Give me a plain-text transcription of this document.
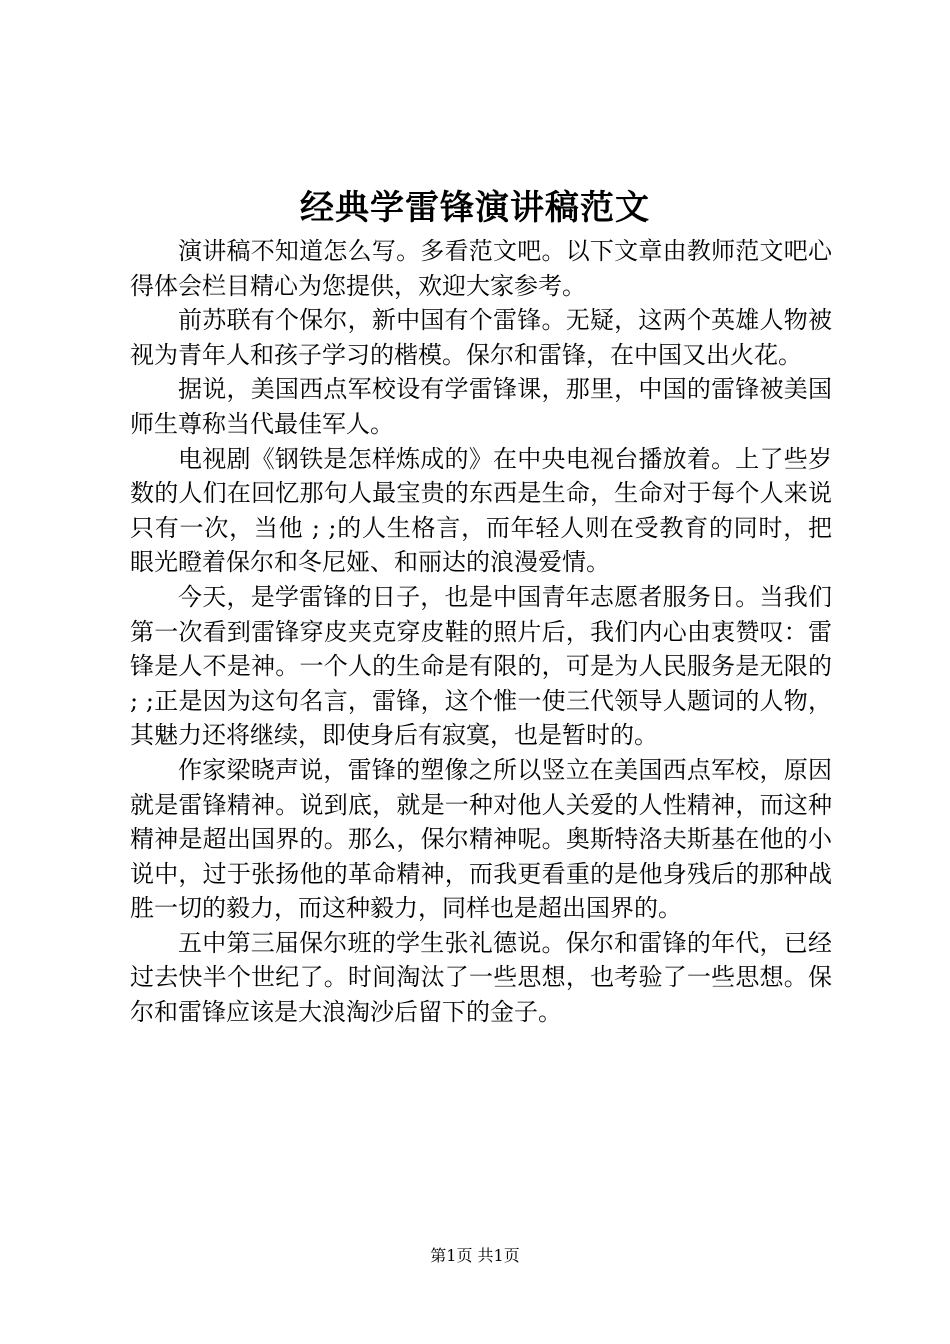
经典学雷锋演讲稿范文

演讲稿不知道怎么写。多看范文吧。以下文章由教师范文吧心得体会栏目精心为您提供，欢迎大家参考。

前苏联有个保尔，新中国有个雷锋。无疑，这两个英雄人物被视为青年人和孩子学习的楷模。保尔和雷锋，在中国又出火花。

据说，美国西点军校设有学雷锋课，那里，中国的雷锋被美国师生尊称当代最佳军人。

电视剧《钢铁是怎样炼成的》在中央电视台播放着。上了些岁数的人们在回忆那句人最宝贵的东西是生命，生命对于每个人来说只有一次，当他 ; ;的人生格言，而年轻人则在受教育的同时，把眼光瞪着保尔和冬尼娅、和丽达的浪漫爱情。

今天，是学雷锋的日子，也是中国青年志愿者服务日。当我们第一次看到雷锋穿皮夹克穿皮鞋的照片后，我们内心由衷赞叹：雷锋是人不是神。一个人的生命是有限的，可是为人民服务是无限的 ; ;正是因为这句名言，雷锋，这个惟一使三代领导人题词的人物，其魅力还将继续，即使身后有寂寞，也是暂时的。

作家梁晓声说，雷锋的塑像之所以竖立在美国西点军校，原因就是雷锋精神。说到底，就是一种对他人关爱的人性精神，而这种精神是超出国界的。那么，保尔精神呢。奥斯特洛夫斯基在他的小说中，过于张扬他的革命精神，而我更看重的是他身残后的那种战胜一切的毅力，而这种毅力，同样也是超出国界的。

五中第三届保尔班的学生张礼德说。保尔和雷锋的年代，已经过去快半个世纪了。时间淘汰了一些思想，也考验了一些思想。保尔和雷锋应该是大浪淘沙后留下的金子。

第1页 共1页
